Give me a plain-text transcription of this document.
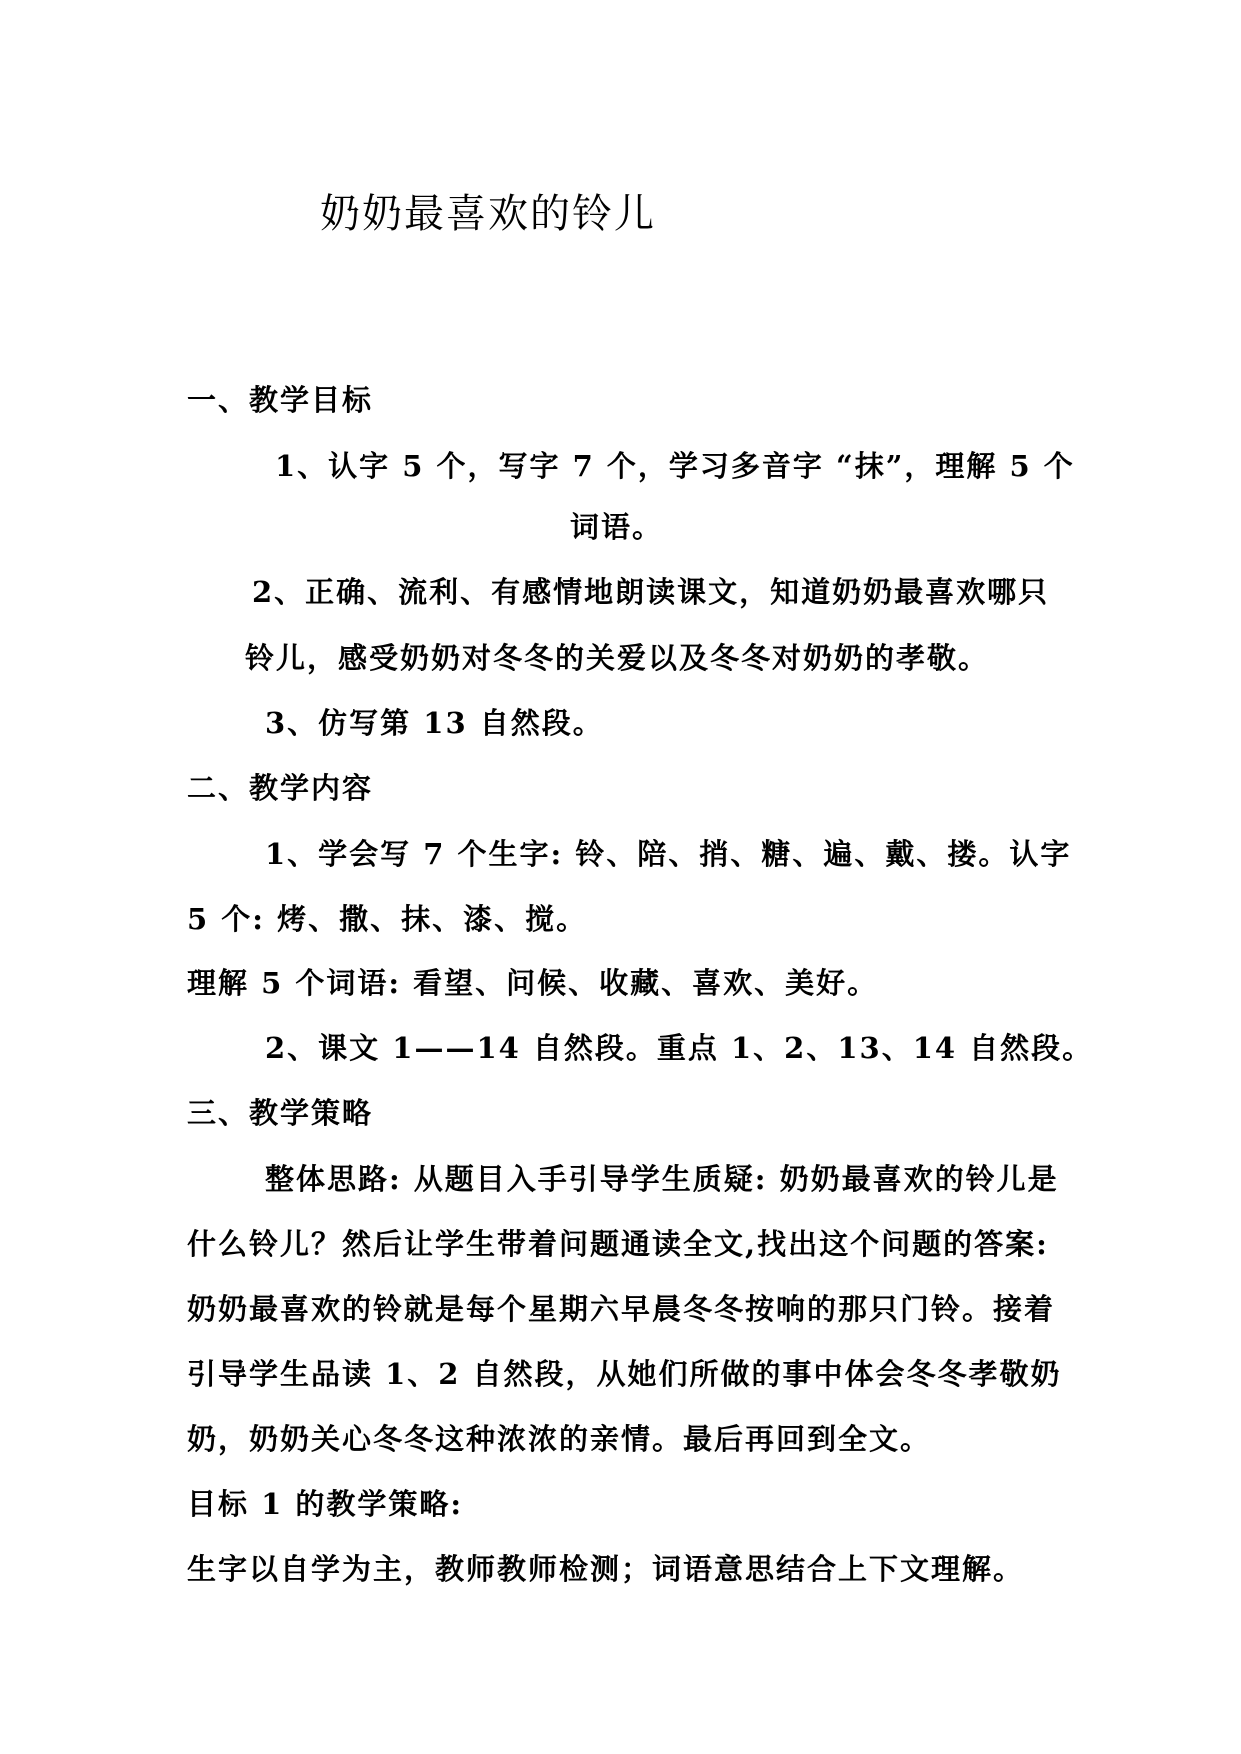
奶奶最喜欢的铃儿
一、教学目标
1、认字 5 个，写字 7 个，学习多音字 “抹”，理解 5 个
词语。
2、正确、流利、有感情地朗读课文，知道奶奶最喜欢哪只
铃儿，感受奶奶对冬冬的关爱以及冬冬对奶奶的孝敬。
3、仿写第 13 自然段。
二、教学内容
1、学会写 7 个生字: 铃、陪、捎、糖、遍、戴、搂。认字
5 个: 烤、撒、抹、漆、搅。
理解 5 个词语: 看望、问候、收藏、喜欢、美好。
2、课文 1——14 自然段。重点 1、2、13、14 自然段。
三、教学策略
整体思路: 从题目入手引导学生质疑: 奶奶最喜欢的铃儿是
什么铃儿？然后让学生带着问题通读全文,找出这个问题的答案:
奶奶最喜欢的铃就是每个星期六早晨冬冬按响的那只门铃。接着
引导学生品读 1、2 自然段，从她们所做的事中体会冬冬孝敬奶
奶，奶奶关心冬冬这种浓浓的亲情。最后再回到全文。
目标 1 的教学策略:
生字以自学为主，教师教师检测；词语意思结合上下文理解。
